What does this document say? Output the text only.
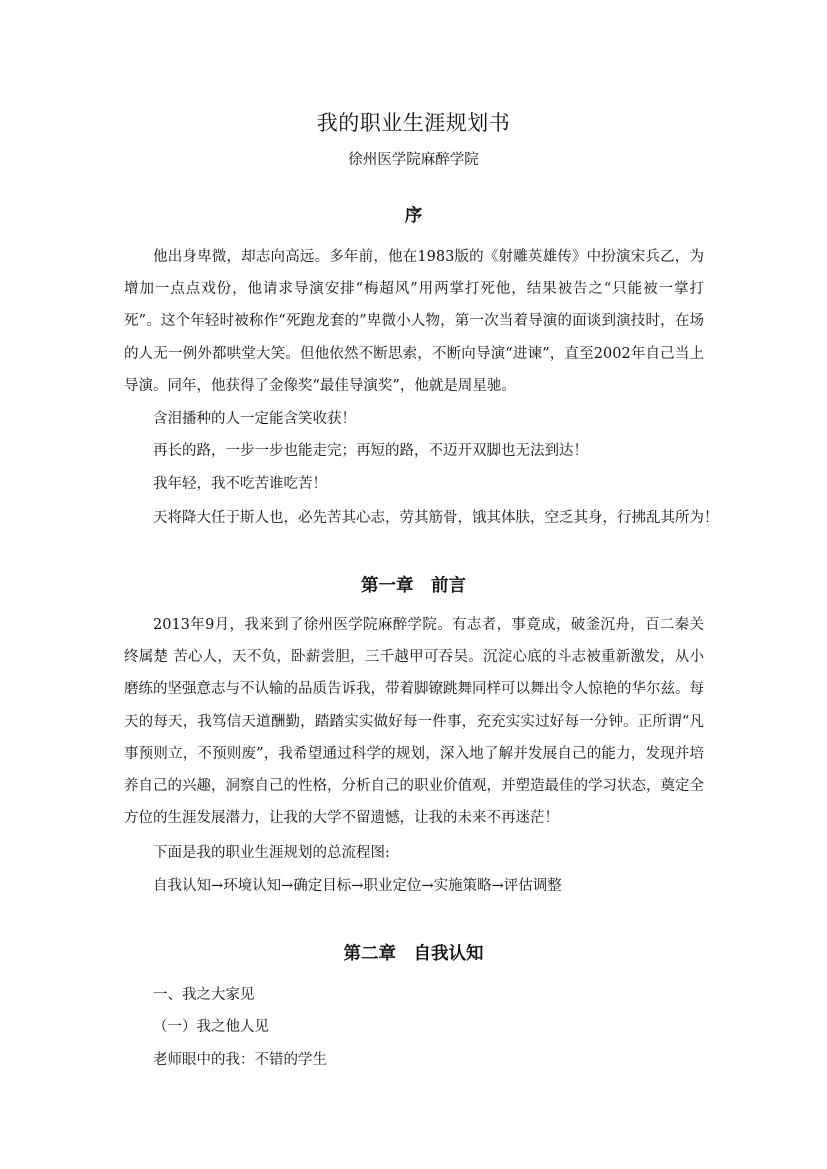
我的职业生涯规划书
徐州医学院麻醉学院
序

他出身卑微，却志向高远。多年前，他在1983版的《射雕英雄传》中扮演宋兵乙，为增加一点点戏份，他请求导演安排“梅超风”用两掌打死他，结果被告之“只能被一掌打死”。这个年轻时被称作“死跑龙套的”卑微小人物，第一次当着导演的面谈到演技时，在场的人无一例外都哄堂大笑。但他依然不断思索，不断向导演“进谏”，直至2002年自己当上导演。同年，他获得了金像奖“最佳导演奖”，他就是周星驰。

含泪播种的人一定能含笑收获！

再长的路，一步一步也能走完；再短的路，不迈开双脚也无法到达！

我年轻，我不吃苦谁吃苦！

天将降大任于斯人也，必先苦其心志，劳其筋骨，饿其体肤，空乏其身，行拂乱其所为！

第一章　前言

2013年9月，我来到了徐州医学院麻醉学院。有志者，事竟成，破釜沉舟，百二秦关终属楚 苦心人，天不负，卧薪尝胆，三千越甲可吞吴。沉淀心底的斗志被重新激发，从小磨练的坚强意志与不认输的品质告诉我，带着脚镣跳舞同样可以舞出令人惊艳的华尔兹。每天的每天，我笃信天道酬勤，踏踏实实做好每一件事，充充实实过好每一分钟。正所谓“凡事预则立，不预则废”，我希望通过科学的规划，深入地了解并发展自己的能力，发现并培养自己的兴趣，洞察自己的性格，分析自己的职业价值观，并塑造最佳的学习状态，奠定全方位的生涯发展潜力，让我的大学不留遗憾，让我的未来不再迷茫！

下面是我的职业生涯规划的总流程图:

自我认知→环境认知→确定目标→职业定位→实施策略→评估调整

第二章　自我认知

一、我之大家见

（一）我之他人见

老师眼中的我：不错的学生
